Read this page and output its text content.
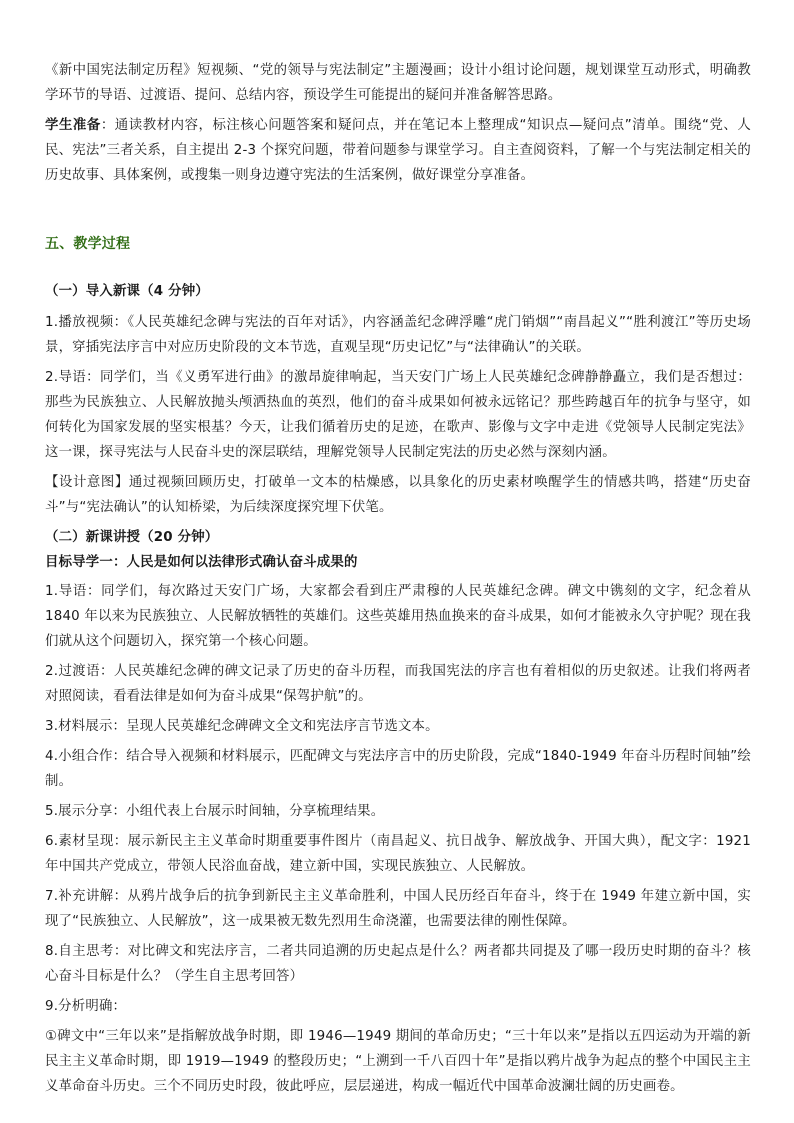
《新中国宪法制定历程》短视频、“党的领导与宪法制定”主题漫画；设计小组讨论问题，规划课堂互动形式，明确教学环节的导语、过渡语、提问、总结内容，预设学生可能提出的疑问并准备解答思路。

学生准备：通读教材内容，标注核心问题答案和疑问点，并在笔记本上整理成“知识点—疑问点”清单。围绕“党、人民、宪法”三者关系，自主提出 2-3 个探究问题，带着问题参与课堂学习。自主查阅资料，了解一个与宪法制定相关的历史故事、具体案例，或搜集一则身边遵守宪法的生活案例，做好课堂分享准备。

五、教学过程

（一）导入新课（4 分钟）

1.播放视频：《人民英雄纪念碑与宪法的百年对话》，内容涵盖纪念碑浮雕“虎门销烟”“南昌起义”“胜利渡江”等历史场景，穿插宪法序言中对应历史阶段的文本节选，直观呈现“历史记忆”与“法律确认”的关联。

2.导语：同学们，当《义勇军进行曲》的激昂旋律响起，当天安门广场上人民英雄纪念碑静静矗立，我们是否想过：那些为民族独立、人民解放抛头颅洒热血的英烈，他们的奋斗成果如何被永远铭记？那些跨越百年的抗争与坚守，如何转化为国家发展的坚实根基？今天，让我们循着历史的足迹，在歌声、影像与文字中走进《党领导人民制定宪法》这一课，探寻宪法与人民奋斗史的深层联结，理解党领导人民制定宪法的历史必然与深刻内涵。

【设计意图】通过视频回顾历史，打破单一文本的枯燥感，以具象化的历史素材唤醒学生的情感共鸣，搭建“历史奋斗”与“宪法确认”的认知桥梁，为后续深度探究埋下伏笔。

（二）新课讲授（20 分钟）

目标导学一：人民是如何以法律形式确认奋斗成果的

1.导语：同学们，每次路过天安门广场，大家都会看到庄严肃穆的人民英雄纪念碑。碑文中镌刻的文字，纪念着从 1840 年以来为民族独立、人民解放牺牲的英雄们。这些英雄用热血换来的奋斗成果，如何才能被永久守护呢？现在我们就从这个问题切入，探究第一个核心问题。

2.过渡语：人民英雄纪念碑的碑文记录了历史的奋斗历程，而我国宪法的序言也有着相似的历史叙述。让我们将两者对照阅读，看看法律是如何为奋斗成果“保驾护航”的。

3.材料展示：呈现人民英雄纪念碑碑文全文和宪法序言节选文本。

4.小组合作：结合导入视频和材料展示，匹配碑文与宪法序言中的历史阶段，完成“1840-1949 年奋斗历程时间轴”绘制。

5.展示分享：小组代表上台展示时间轴，分享梳理结果。

6.素材呈现：展示新民主主义革命时期重要事件图片（南昌起义、抗日战争、解放战争、开国大典），配文字：1921 年中国共产党成立，带领人民浴血奋战，建立新中国，实现民族独立、人民解放。

7.补充讲解：从鸦片战争后的抗争到新民主主义革命胜利，中国人民历经百年奋斗，终于在 1949 年建立新中国，实现了“民族独立、人民解放”，这一成果被无数先烈用生命浇灌，也需要法律的刚性保障。

8.自主思考：对比碑文和宪法序言，二者共同追溯的历史起点是什么？两者都共同提及了哪一段历史时期的奋斗？核心奋斗目标是什么？（学生自主思考回答）

9.分析明确：

①碑文中“三年以来”是指解放战争时期，即 1946—1949 期间的革命历史；“三十年以来”是指以五四运动为开端的新民主主义革命时期，即 1919—1949 的整段历史；“上溯到一千八百四十年”是指以鸦片战争为起点的整个中国民主主义革命奋斗历史。三个不同历史时段，彼此呼应，层层递进，构成一幅近代中国革命波澜壮阔的历史画卷。
